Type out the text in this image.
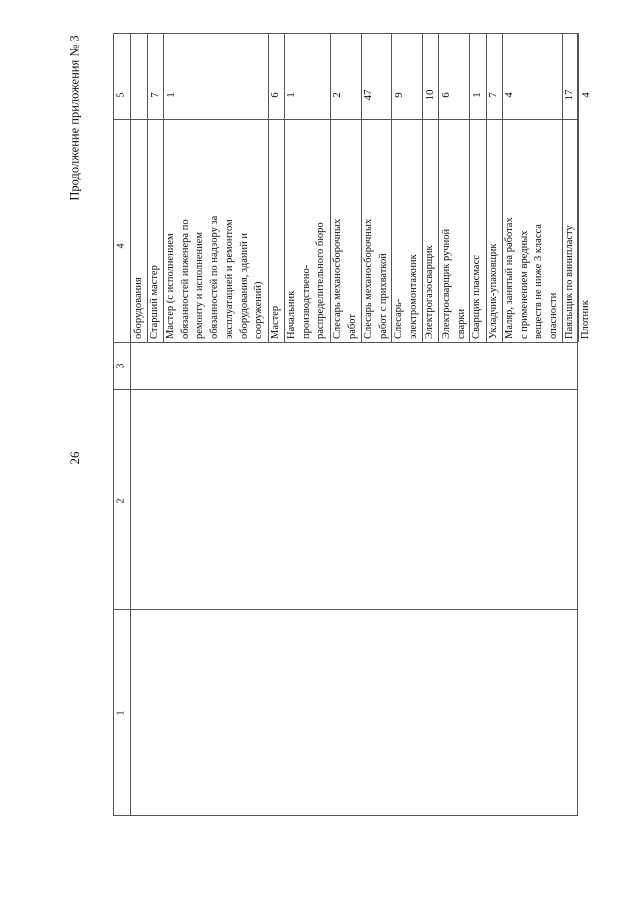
26
Продолжение приложения № 3
1
2
3
4
5
оборудования Старший мастер
7
Мастер (с исполнением обязанностей инженера по ремонту и исполнением обязанностей по надзору за эксплуатацией и ремонтом оборудования, зданий и сооружений)
1
Мастер
6
Начальник производствено- распределительного бюро
1
Слесарь механосборочных работ
2
Слесарь механосборочных работ с прихваткой
47
Слесарь- электромонтажник
9
Электрогазосварщик
10
Электросварщик ручной сварки
6
Сварщик пласмасс
1
Укладчик-упаковщик
7
Маляр, занятый на работах с применением вредных веществ не ниже 3 класса опасности
4
Паяльщик по винипласту
17
Плотник
4
